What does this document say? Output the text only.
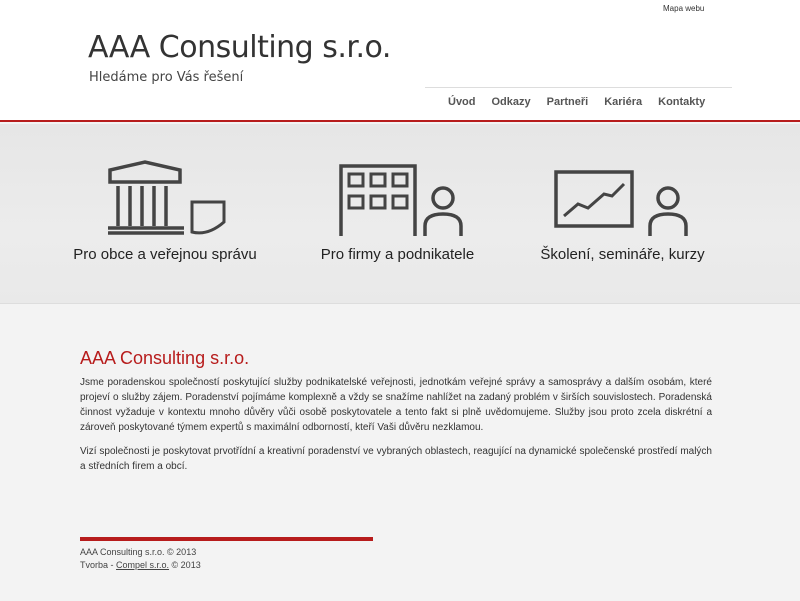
Mapa webu
AAA Consulting s.r.o.
Hledáme pro Vás řešení
Úvod	Odkazy	Partneři	Kariéra	Kontakty
Pro obce a veřejnou správu	Pro firmy a podnikatele	Školení, semináře, kurzy
AAA Consulting s.r.o.

Jsme poradenskou společností poskytující služby podnikatelské veřejnosti, jednotkám veřejné správy a samosprávy a dalším osobám, které projeví o služby zájem. Poradenství pojímáme komplexně a vždy se snažíme nahlížet na zadaný problém v širších souvislostech. Poradenská činnost vyžaduje v kontextu mnoho důvěry vůči osobě poskytovatele a tento fakt si plně uvědomujeme. Služby jsou proto zcela diskrétní a zároveň poskytované týmem expertů s maximální odborností, kteří Vaši důvěru nezklamou.

Vizí společnosti je poskytovat prvotřídní a kreativní poradenství ve vybraných oblastech, reagující na dynamické společenské prostředí malých a středních firem a obcí.

AAA Consulting s.r.o. © 2013
Tvorba - Compel s.r.o. © 2013
